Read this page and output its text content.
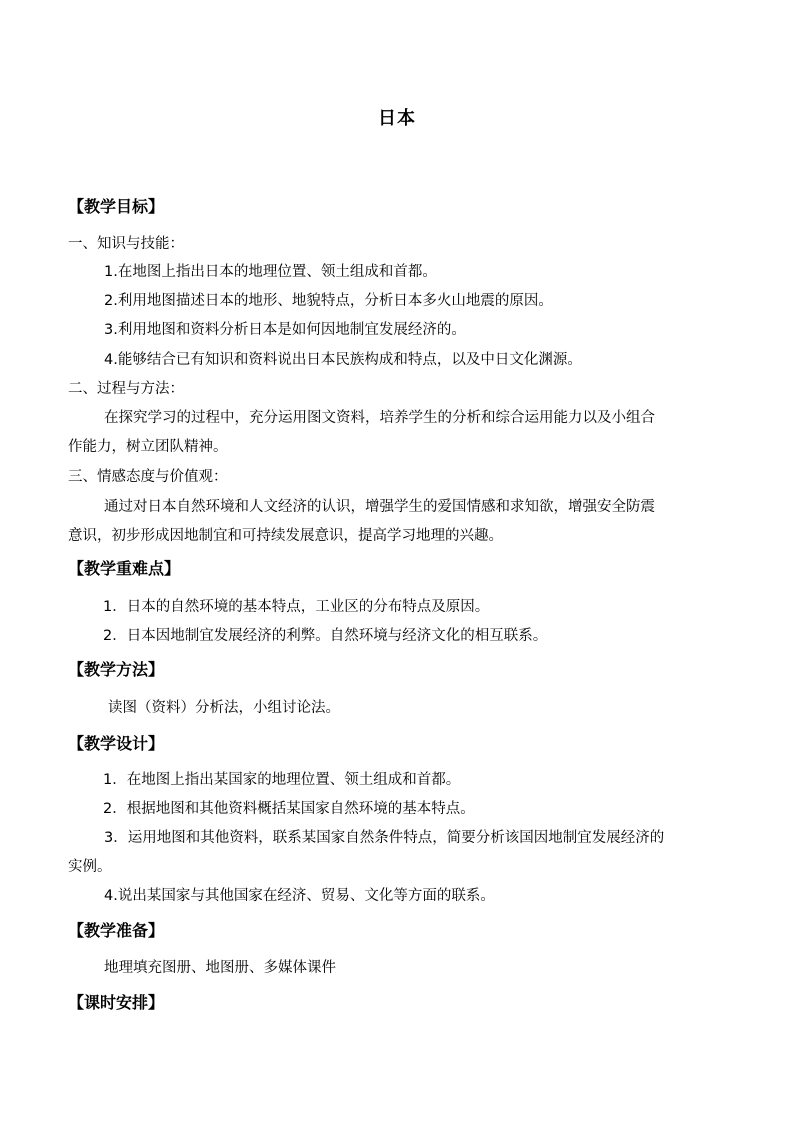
日本
【教学目标】
一、知识与技能：
1.在地图上指出日本的地理位置、领土组成和首都。
2.利用地图描述日本的地形、地貌特点，分析日本多火山地震的原因。
3.利用地图和资料分析日本是如何因地制宜发展经济的。
4.能够结合已有知识和资料说出日本民族构成和特点，以及中日文化渊源。
二、过程与方法：
在探究学习的过程中，充分运用图文资料，培养学生的分析和综合运用能力以及小组合
作能力，树立团队精神。
三、情感态度与价值观：
通过对日本自然环境和人文经济的认识，增强学生的爱国情感和求知欲，增强安全防震
意识，初步形成因地制宜和可持续发展意识，提高学习地理的兴趣。
【教学重难点】
1．日本的自然环境的基本特点，工业区的分布特点及原因。
2．日本因地制宜发展经济的利弊。自然环境与经济文化的相互联系。
【教学方法】
读图（资料）分析法，小组讨论法。
【教学设计】
1．在地图上指出某国家的地理位置、领土组成和首都。
2．根据地图和其他资料概括某国家自然环境的基本特点。
3．运用地图和其他资料，联系某国家自然条件特点，简要分析该国因地制宜发展经济的
实例。
4.说出某国家与其他国家在经济、贸易、文化等方面的联系。
【教学准备】
地理填充图册、地图册、多媒体课件
【课时安排】
